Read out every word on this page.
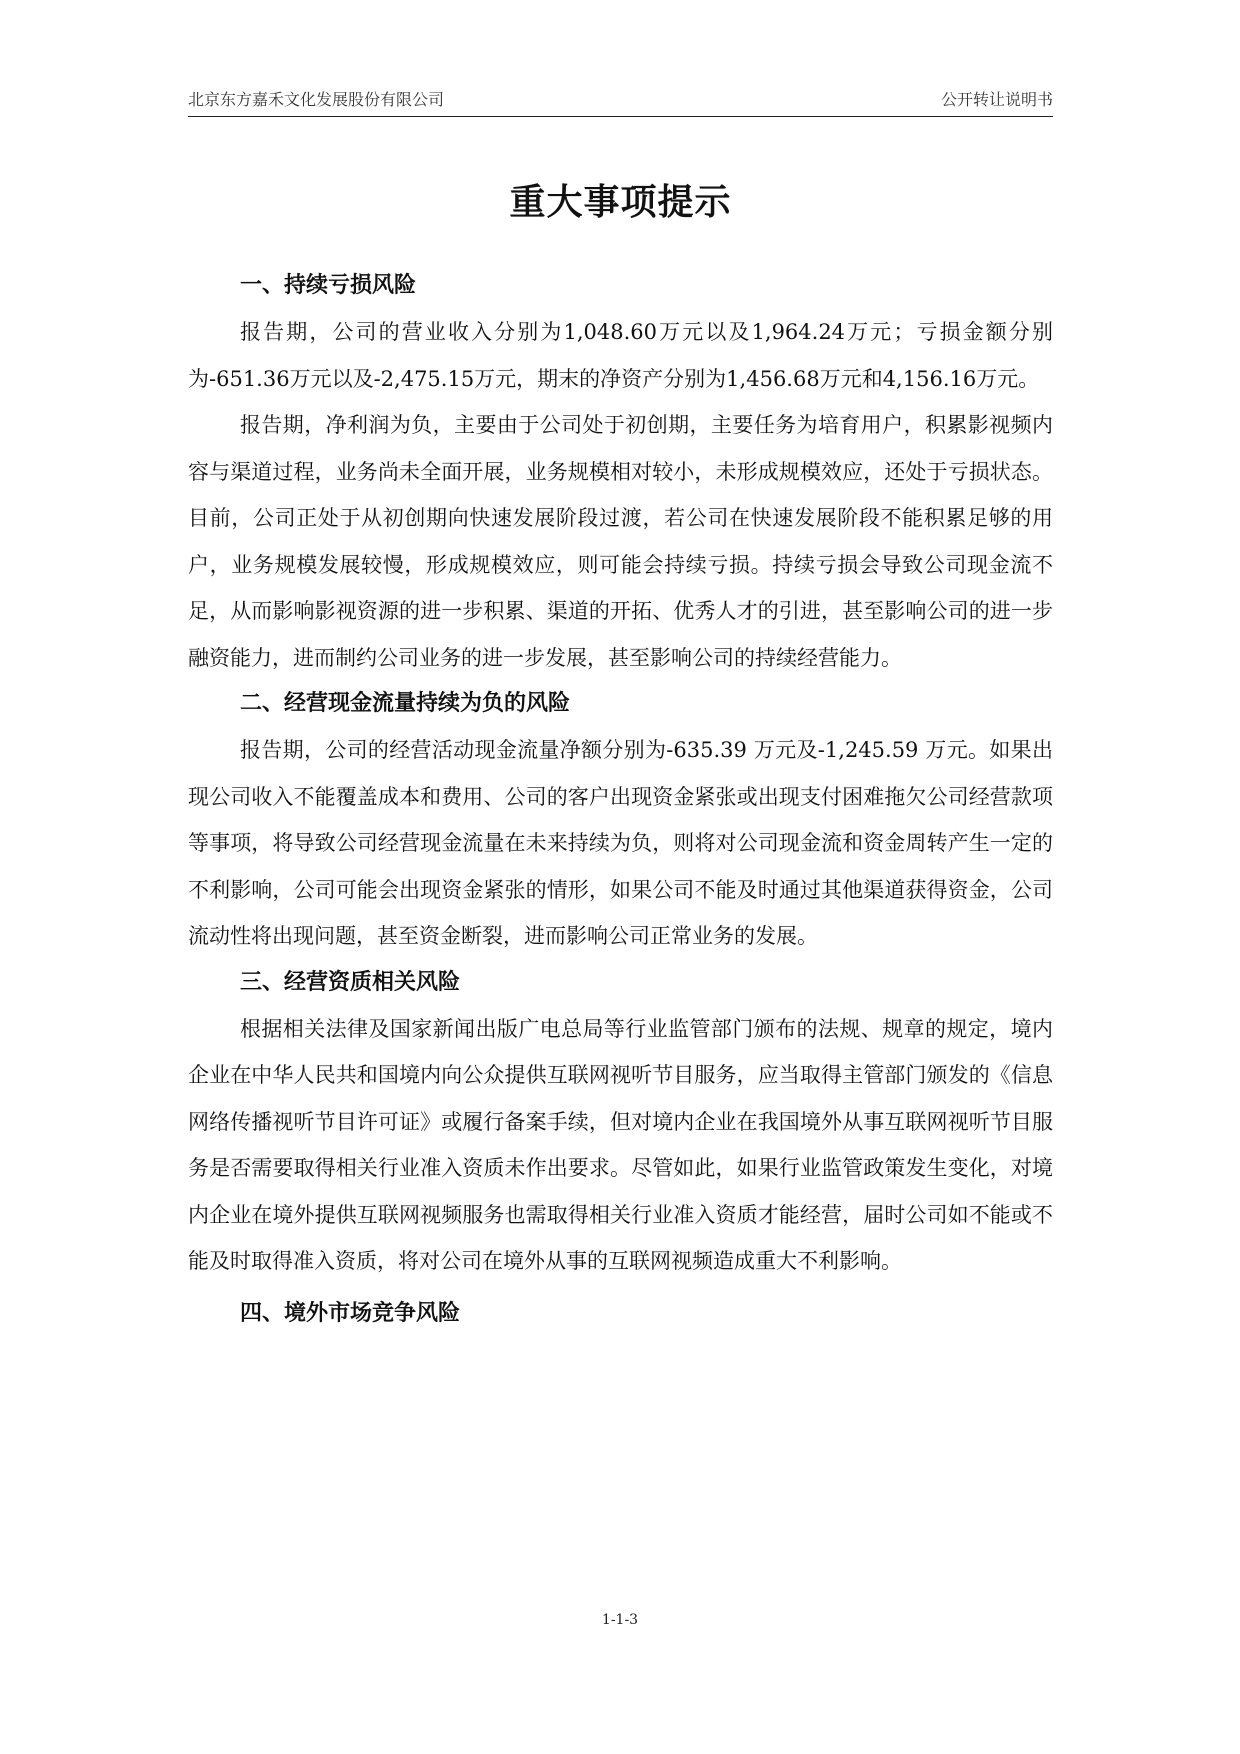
北京东方嘉禾文化发展股份有限公司	公开转让说明书
重大事项提示

一、持续亏损风险

报告期，公司的营业收入分别为1,048.60万元以及1,964.24万元；亏损金额分别为-651.36万元以及-2,475.15万元，期末的净资产分别为1,456.68万元和4,156.16万元。

报告期，净利润为负，主要由于公司处于初创期，主要任务为培育用户，积累影视频内容与渠道过程，业务尚未全面开展，业务规模相对较小，未形成规模效应，还处于亏损状态。目前，公司正处于从初创期向快速发展阶段过渡，若公司在快速发展阶段不能积累足够的用户，业务规模发展较慢，形成规模效应，则可能会持续亏损。持续亏损会导致公司现金流不足，从而影响影视资源的进一步积累、渠道的开拓、优秀人才的引进，甚至影响公司的进一步融资能力，进而制约公司业务的进一步发展，甚至影响公司的持续经营能力。

二、经营现金流量持续为负的风险

报告期，公司的经营活动现金流量净额分别为-635.39 万元及-1,245.59 万元。如果出现公司收入不能覆盖成本和费用、公司的客户出现资金紧张或出现支付困难拖欠公司经营款项等事项，将导致公司经营现金流量在未来持续为负，则将对公司现金流和资金周转产生一定的不利影响，公司可能会出现资金紧张的情形，如果公司不能及时通过其他渠道获得资金，公司流动性将出现问题，甚至资金断裂，进而影响公司正常业务的发展。

三、经营资质相关风险

根据相关法律及国家新闻出版广电总局等行业监管部门颁布的法规、规章的规定，境内企业在中华人民共和国境内向公众提供互联网视听节目服务，应当取得主管部门颁发的《信息网络传播视听节目许可证》或履行备案手续，但对境内企业在我国境外从事互联网视听节目服务是否需要取得相关行业准入资质未作出要求。尽管如此，如果行业监管政策发生变化，对境内企业在境外提供互联网视频服务也需取得相关行业准入资质才能经营，届时公司如不能或不能及时取得准入资质，将对公司在境外从事的互联网视频造成重大不利影响。

四、境外市场竞争风险

1-1-3
